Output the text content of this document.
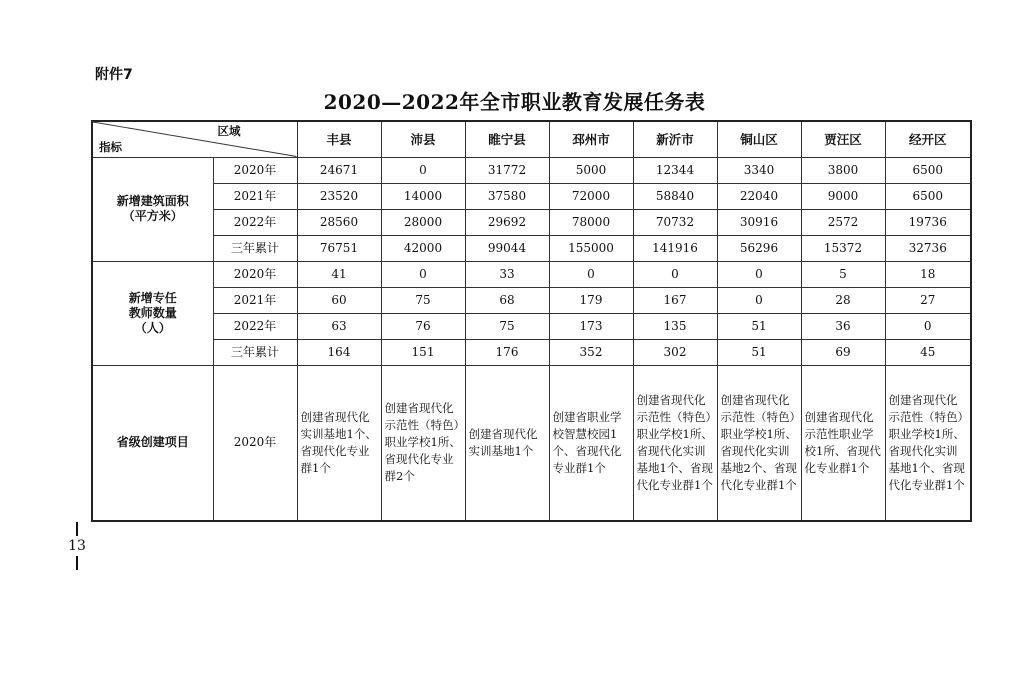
附件7
2020—2022年全市职业教育发展任务表
13
区域
指标		丰县	沛县	睢宁县	邳州市	新沂市	铜山区	贾汪区	经开区

新增建筑面积
（平方米）	2020年	24671	0	31772	5000	12344	3340	3800	6500
	2021年	23520	14000	37580	72000	58840	22040	9000	6500
	2022年	28560	28000	29692	78000	70732	30916	2572	19736
	三年累计	76751	42000	99044	155000	141916	56296	15372	32736

新增专任
教师数量
（人）	2020年	41	0	33	0	0	0	5	18
	2021年	60	75	68	179	167	0	28	27
	2022年	63	76	75	173	135	51	36	0
	三年累计	164	151	176	352	302	51	69	45
省级创建项目	2020年	创建省现代化实训基地1个、省现代化专业群1个	创建省现代化示范性（特色）职业学校1所、省现代化专业群2个	创建省现代化实训基地1个	创建省职业学校智慧校园1个、省现代化专业群1个	创建省现代化示范性（特色）职业学校1所、省现代化实训基地1个、省现代化专业群1个	创建省现代化示范性（特色）职业学校1所、省现代化实训基地2个、省现代化专业群1个	创建省现代化示范性职业学校1所、省现代化专业群1个	创建省现代化示范性（特色）职业学校1所、省现代化实训基地1个、省现代化专业群1个
